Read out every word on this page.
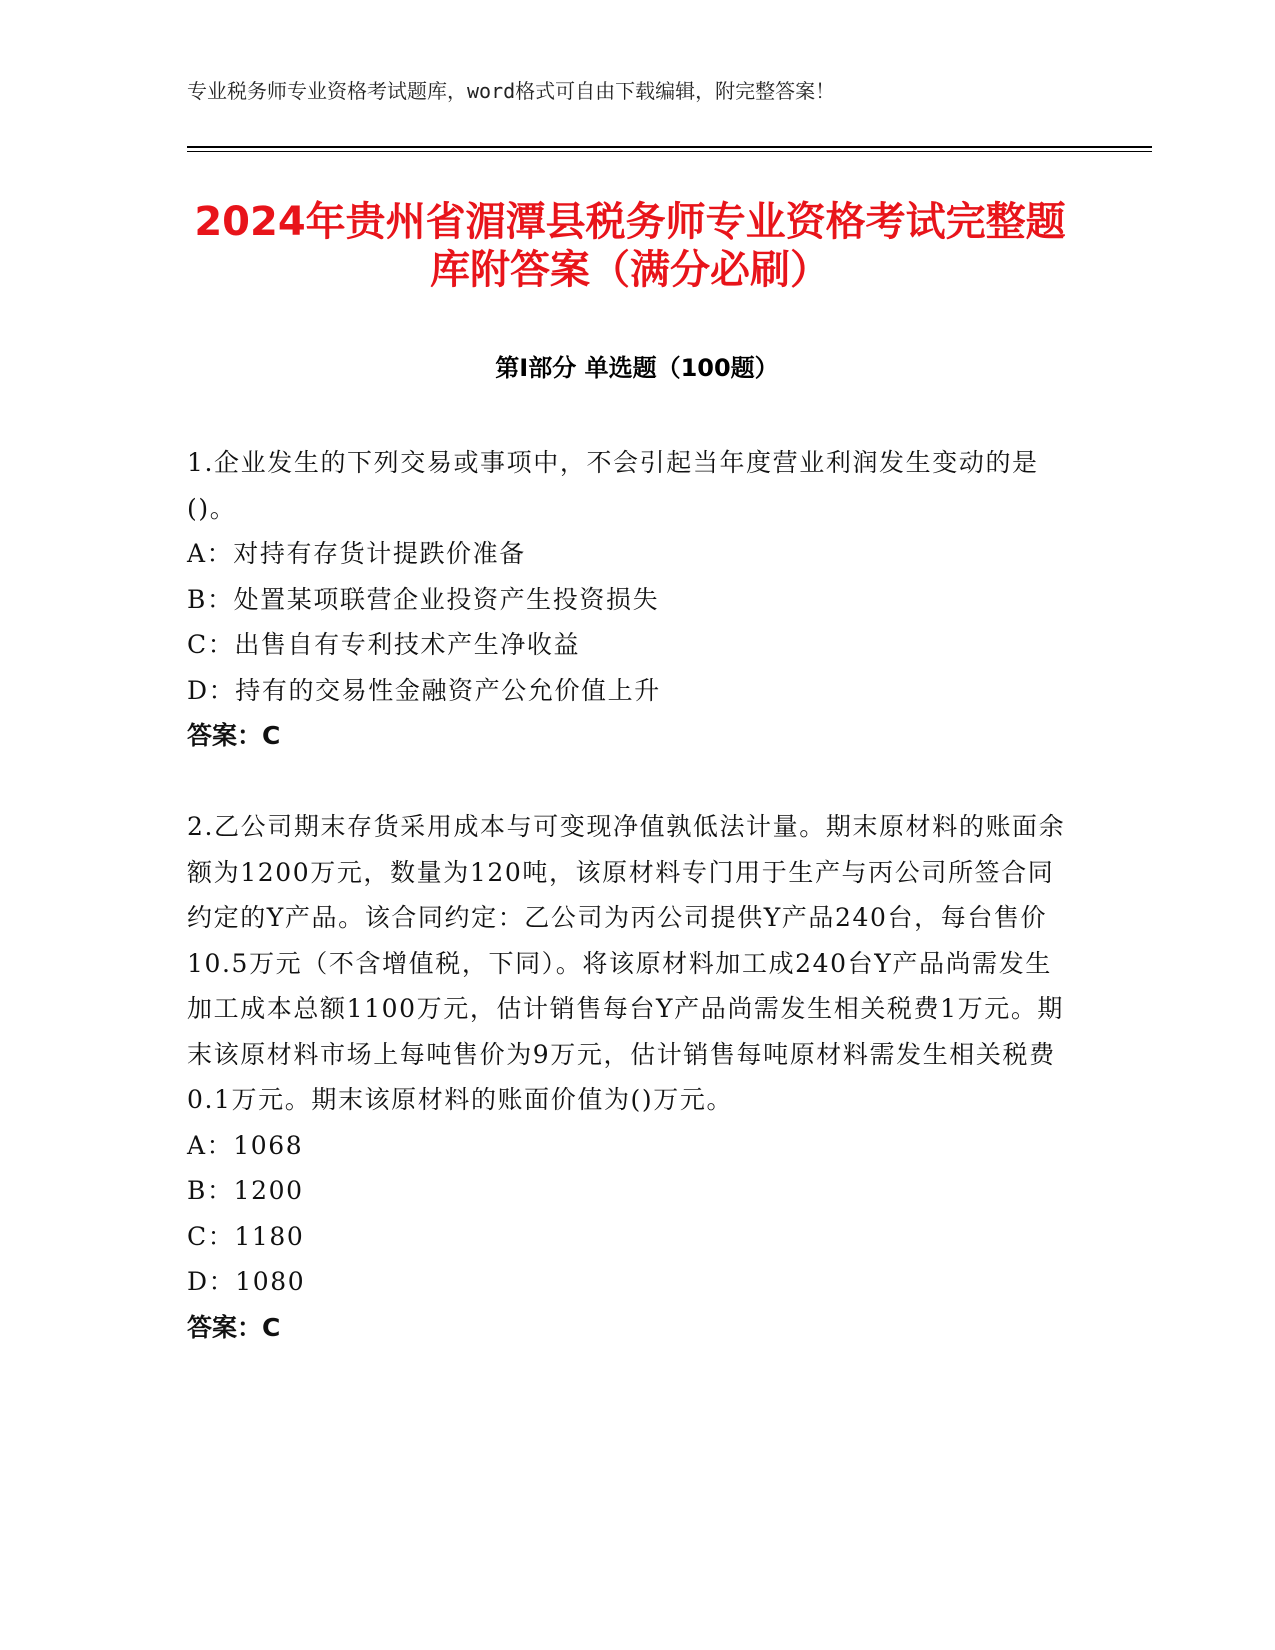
专业税务师专业资格考试题库，word格式可自由下载编辑，附完整答案！
2024年贵州省湄潭县税务师专业资格考试完整题库附答案（满分必刷）
第Ⅰ部分 单选题（100题）

1.企业发生的下列交易或事项中，不会引起当年度营业利润发生变动的是()。

A：对持有存货计提跌价准备

B：处置某项联营企业投资产生投资损失

C：出售自有专利技术产生净收益

D：持有的交易性金融资产公允价值上升

答案：C

2.乙公司期末存货采用成本与可变现净值孰低法计量。期末原材料的账面余额为1200万元，数量为120吨，该原材料专门用于生产与丙公司所签合同约定的Y产品。该合同约定：乙公司为丙公司提供Y产品240台，每台售价10.5万元（不含增值税，下同）。将该原材料加工成240台Y产品尚需发生加工成本总额1100万元，估计销售每台Y产品尚需发生相关税费1万元。期末该原材料市场上每吨售价为9万元，估计销售每吨原材料需发生相关税费0.1万元。期末该原材料的账面价值为()万元。

A：1068

B：1200

C：1180

D：1080

答案：C
